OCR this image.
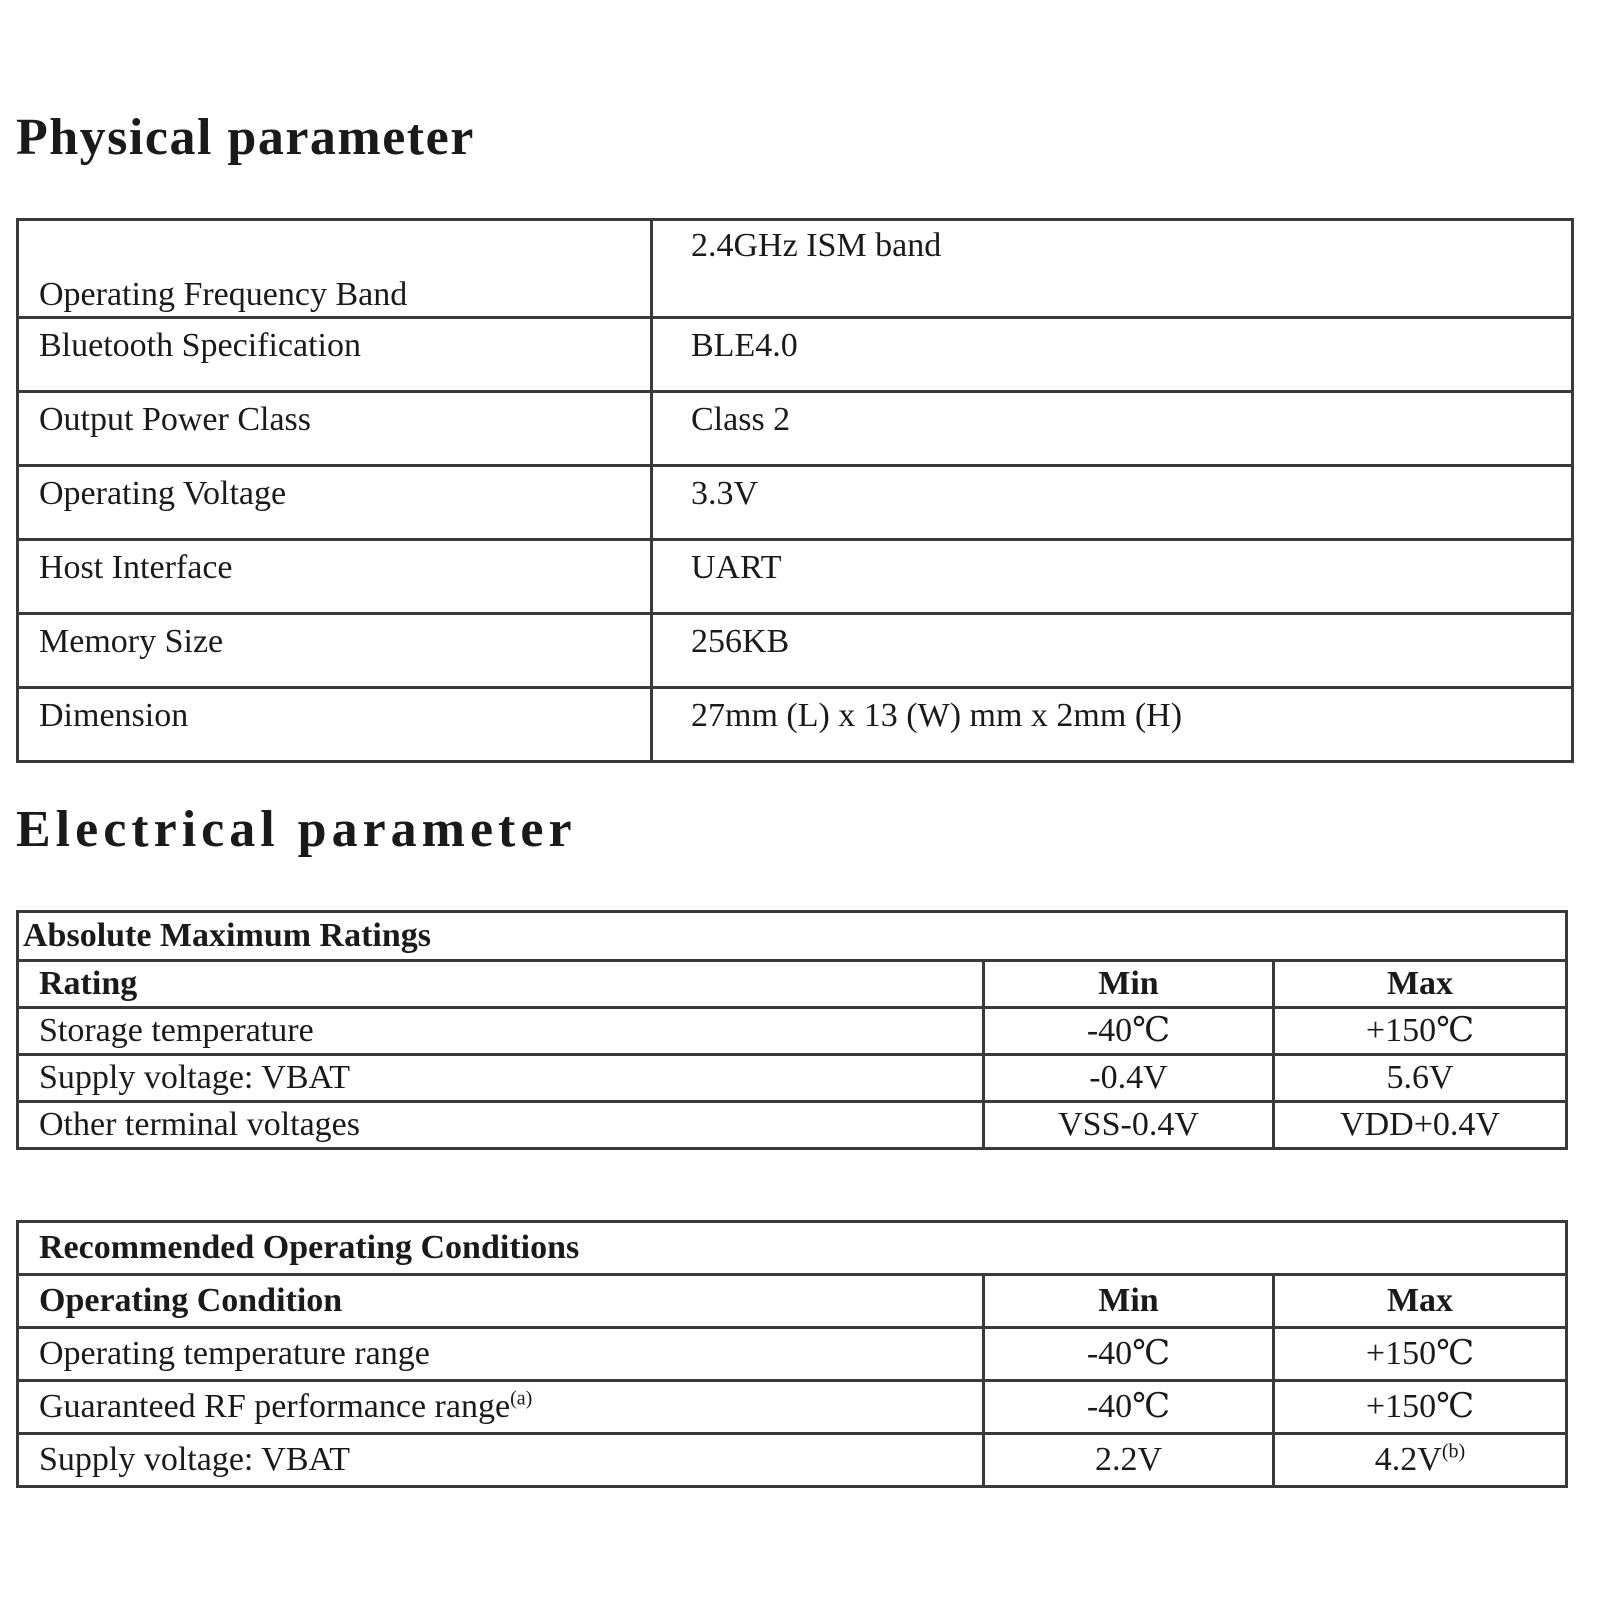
Physical parameter
Operating Frequency Band	2.4GHz ISM band
Bluetooth Specification	BLE4.0
Output Power Class	Class 2
Operating Voltage	3.3V
Host Interface	UART
Memory Size	256KB
Dimension	27mm (L) x 13 (W) mm x 2mm (H)
Electrical parameter
Absolute Maximum Ratings		
Rating	Min	Max
Storage temperature	-40℃	+150℃
Supply voltage: VBAT	-0.4V	5.6V
Other terminal voltages	VSS-0.4V	VDD+0.4V
Recommended Operating Conditions		
Operating Condition	Min	Max
Operating temperature range	-40℃	+150℃
Guaranteed RF performance range$^{(a)}$	-40℃	+150℃
Supply voltage: VBAT	2.2V	$4.2V^{(b)}$
